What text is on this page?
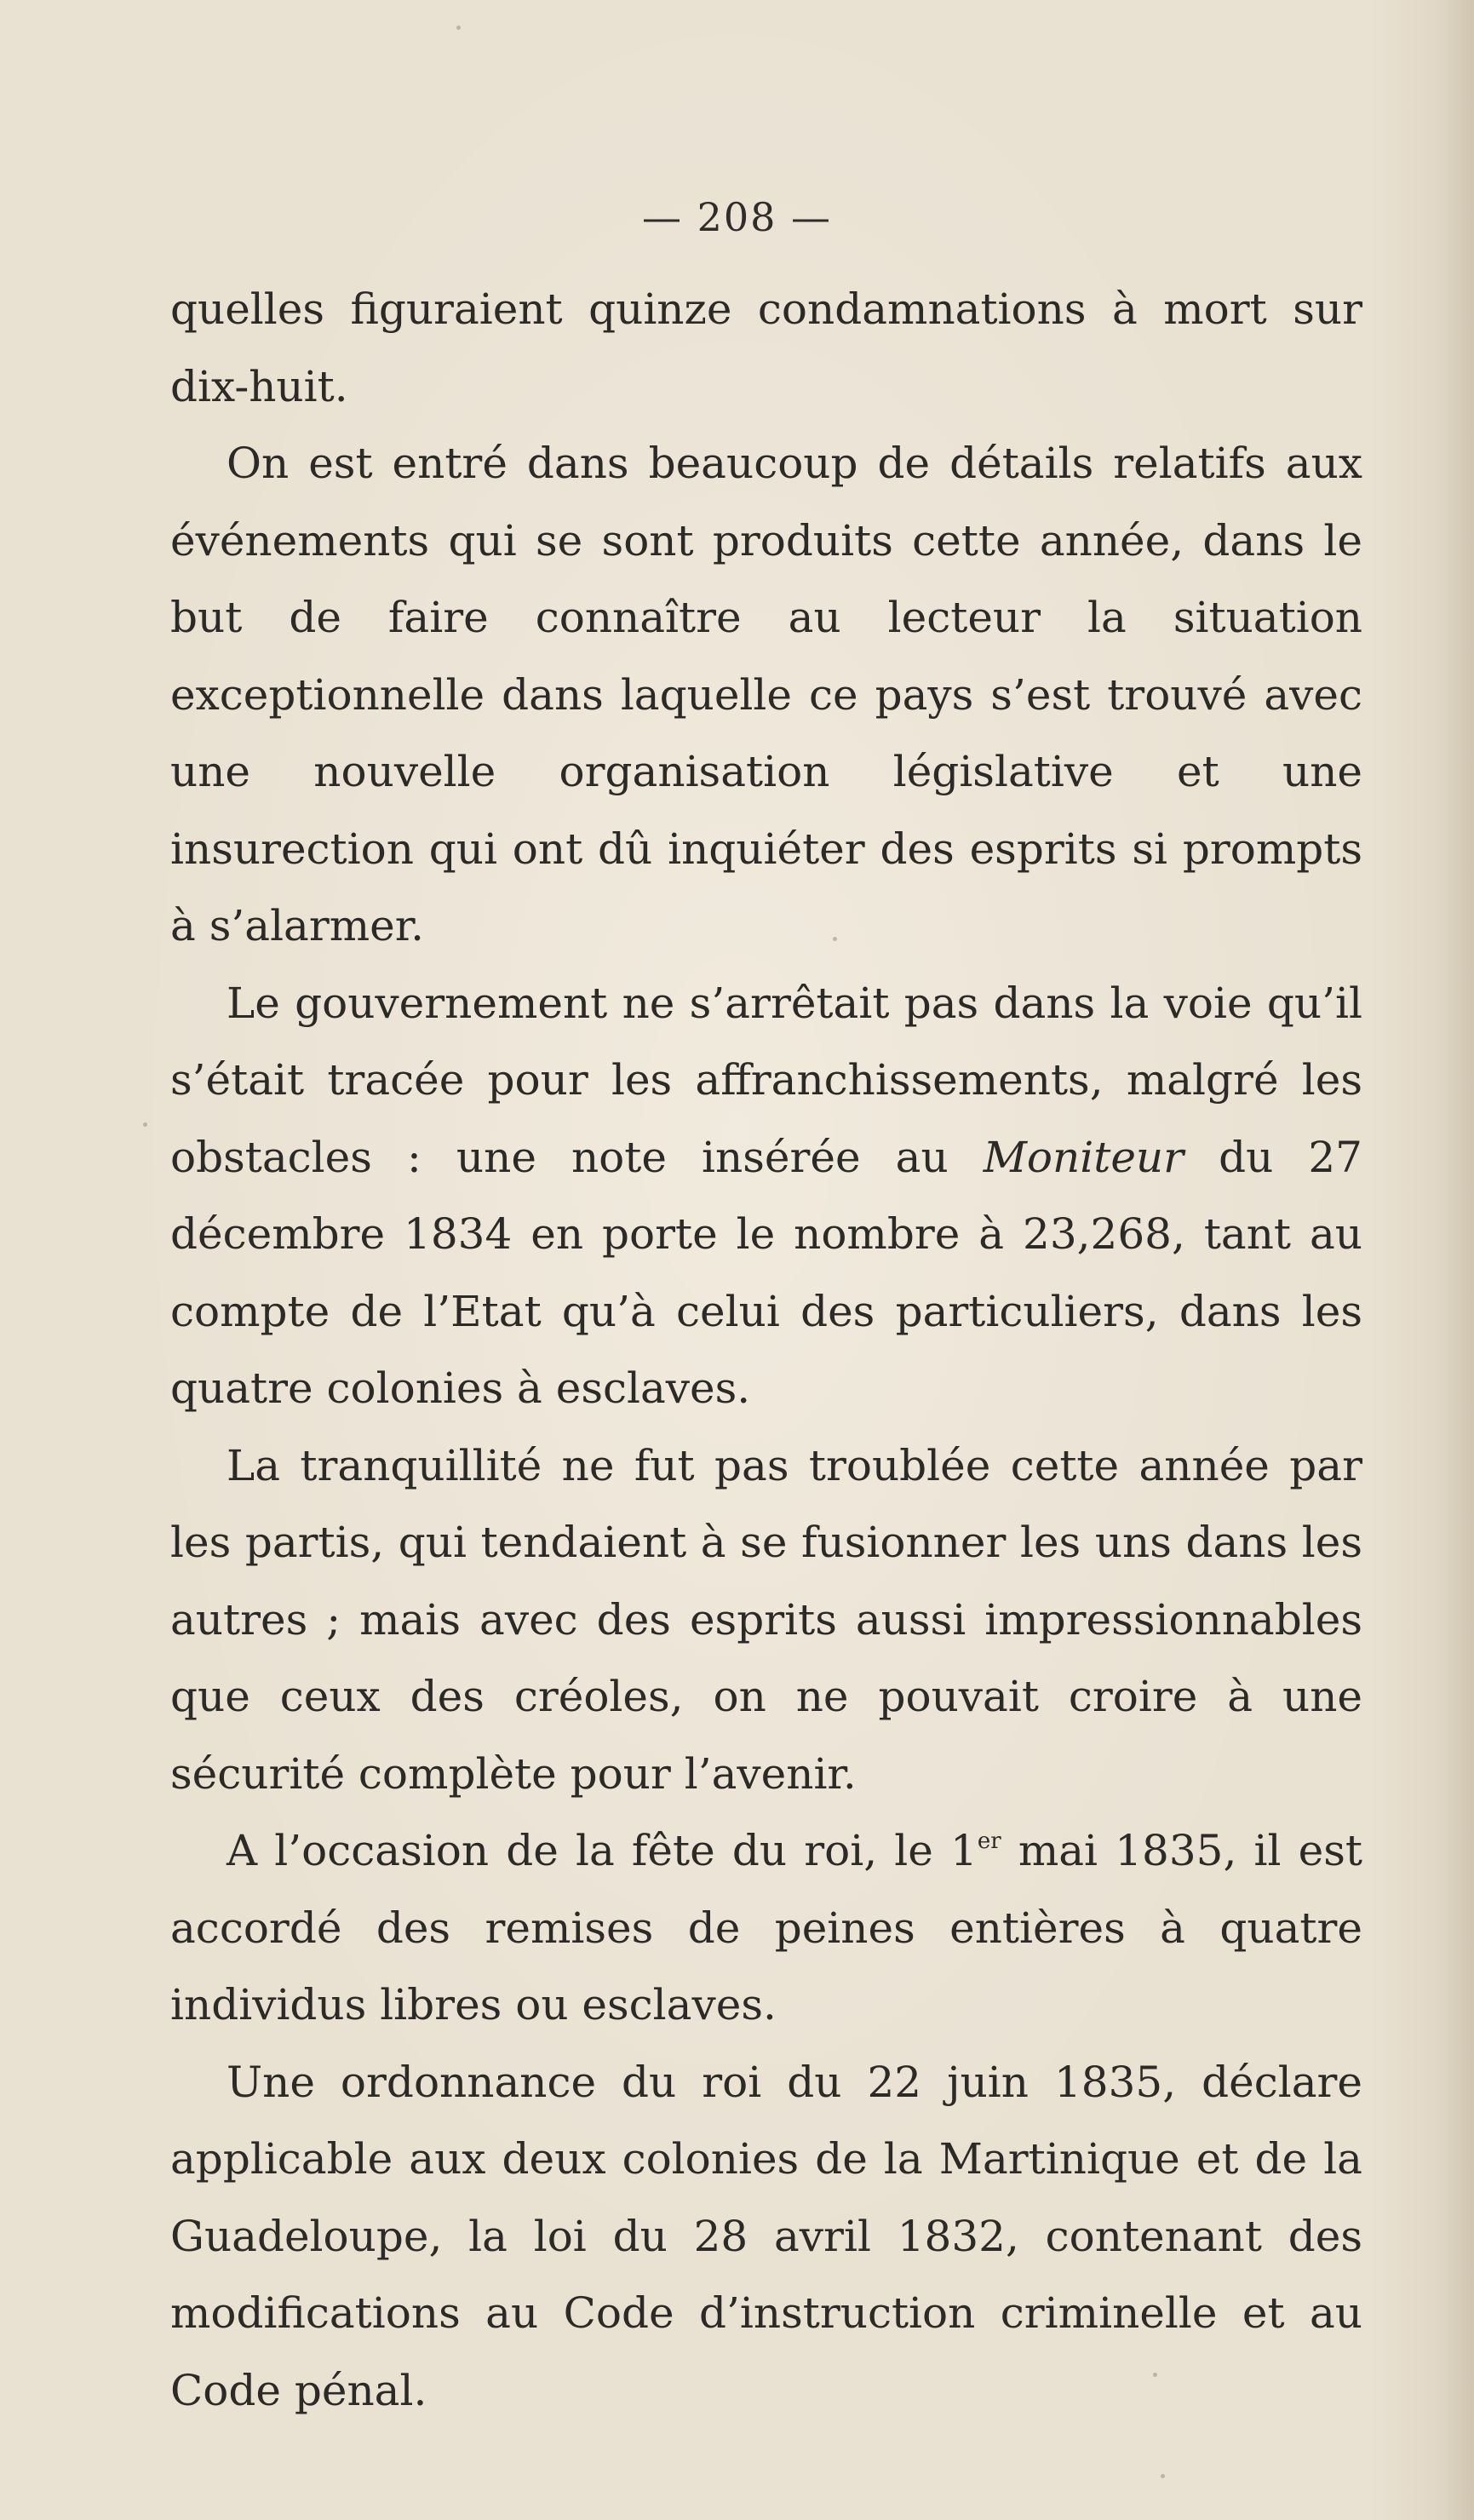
— 208 —

quelles figuraient quinze condamnations à mort sur dix-huit.

On est entré dans beaucoup de détails relatifs aux événements qui se sont produits cette année, dans le but de faire connaître au lecteur la situation exceptionnelle dans laquelle ce pays s’est trouvé avec une nouvelle organisation législative et une insurection qui ont dû inquiéter des esprits si prompts à s’alarmer.

Le gouvernement ne s’arrêtait pas dans la voie qu’il s’était tracée pour les affranchissements, malgré les obstacles : une note insérée au Moniteur du 27 décembre 1834 en porte le nombre à 23,268, tant au compte de l’Etat qu’à celui des particuliers, dans les quatre colonies à esclaves.

La tranquillité ne fut pas troublée cette année par les partis, qui tendaient à se fusionner les uns dans les autres ; mais avec des esprits aussi impressionnables que ceux des créoles, on ne pouvait croire à une sécurité complète pour l’avenir.

A l’occasion de la fête du roi, le 1er mai 1835, il est accordé des remises de peines entières à quatre individus libres ou esclaves.

Une ordonnance du roi du 22 juin 1835, déclare applicable aux deux colonies de la Martinique et de la Guadeloupe, la loi du 28 avril 1832, contenant des modifications au Code d’instruction criminelle et au Code pénal.
